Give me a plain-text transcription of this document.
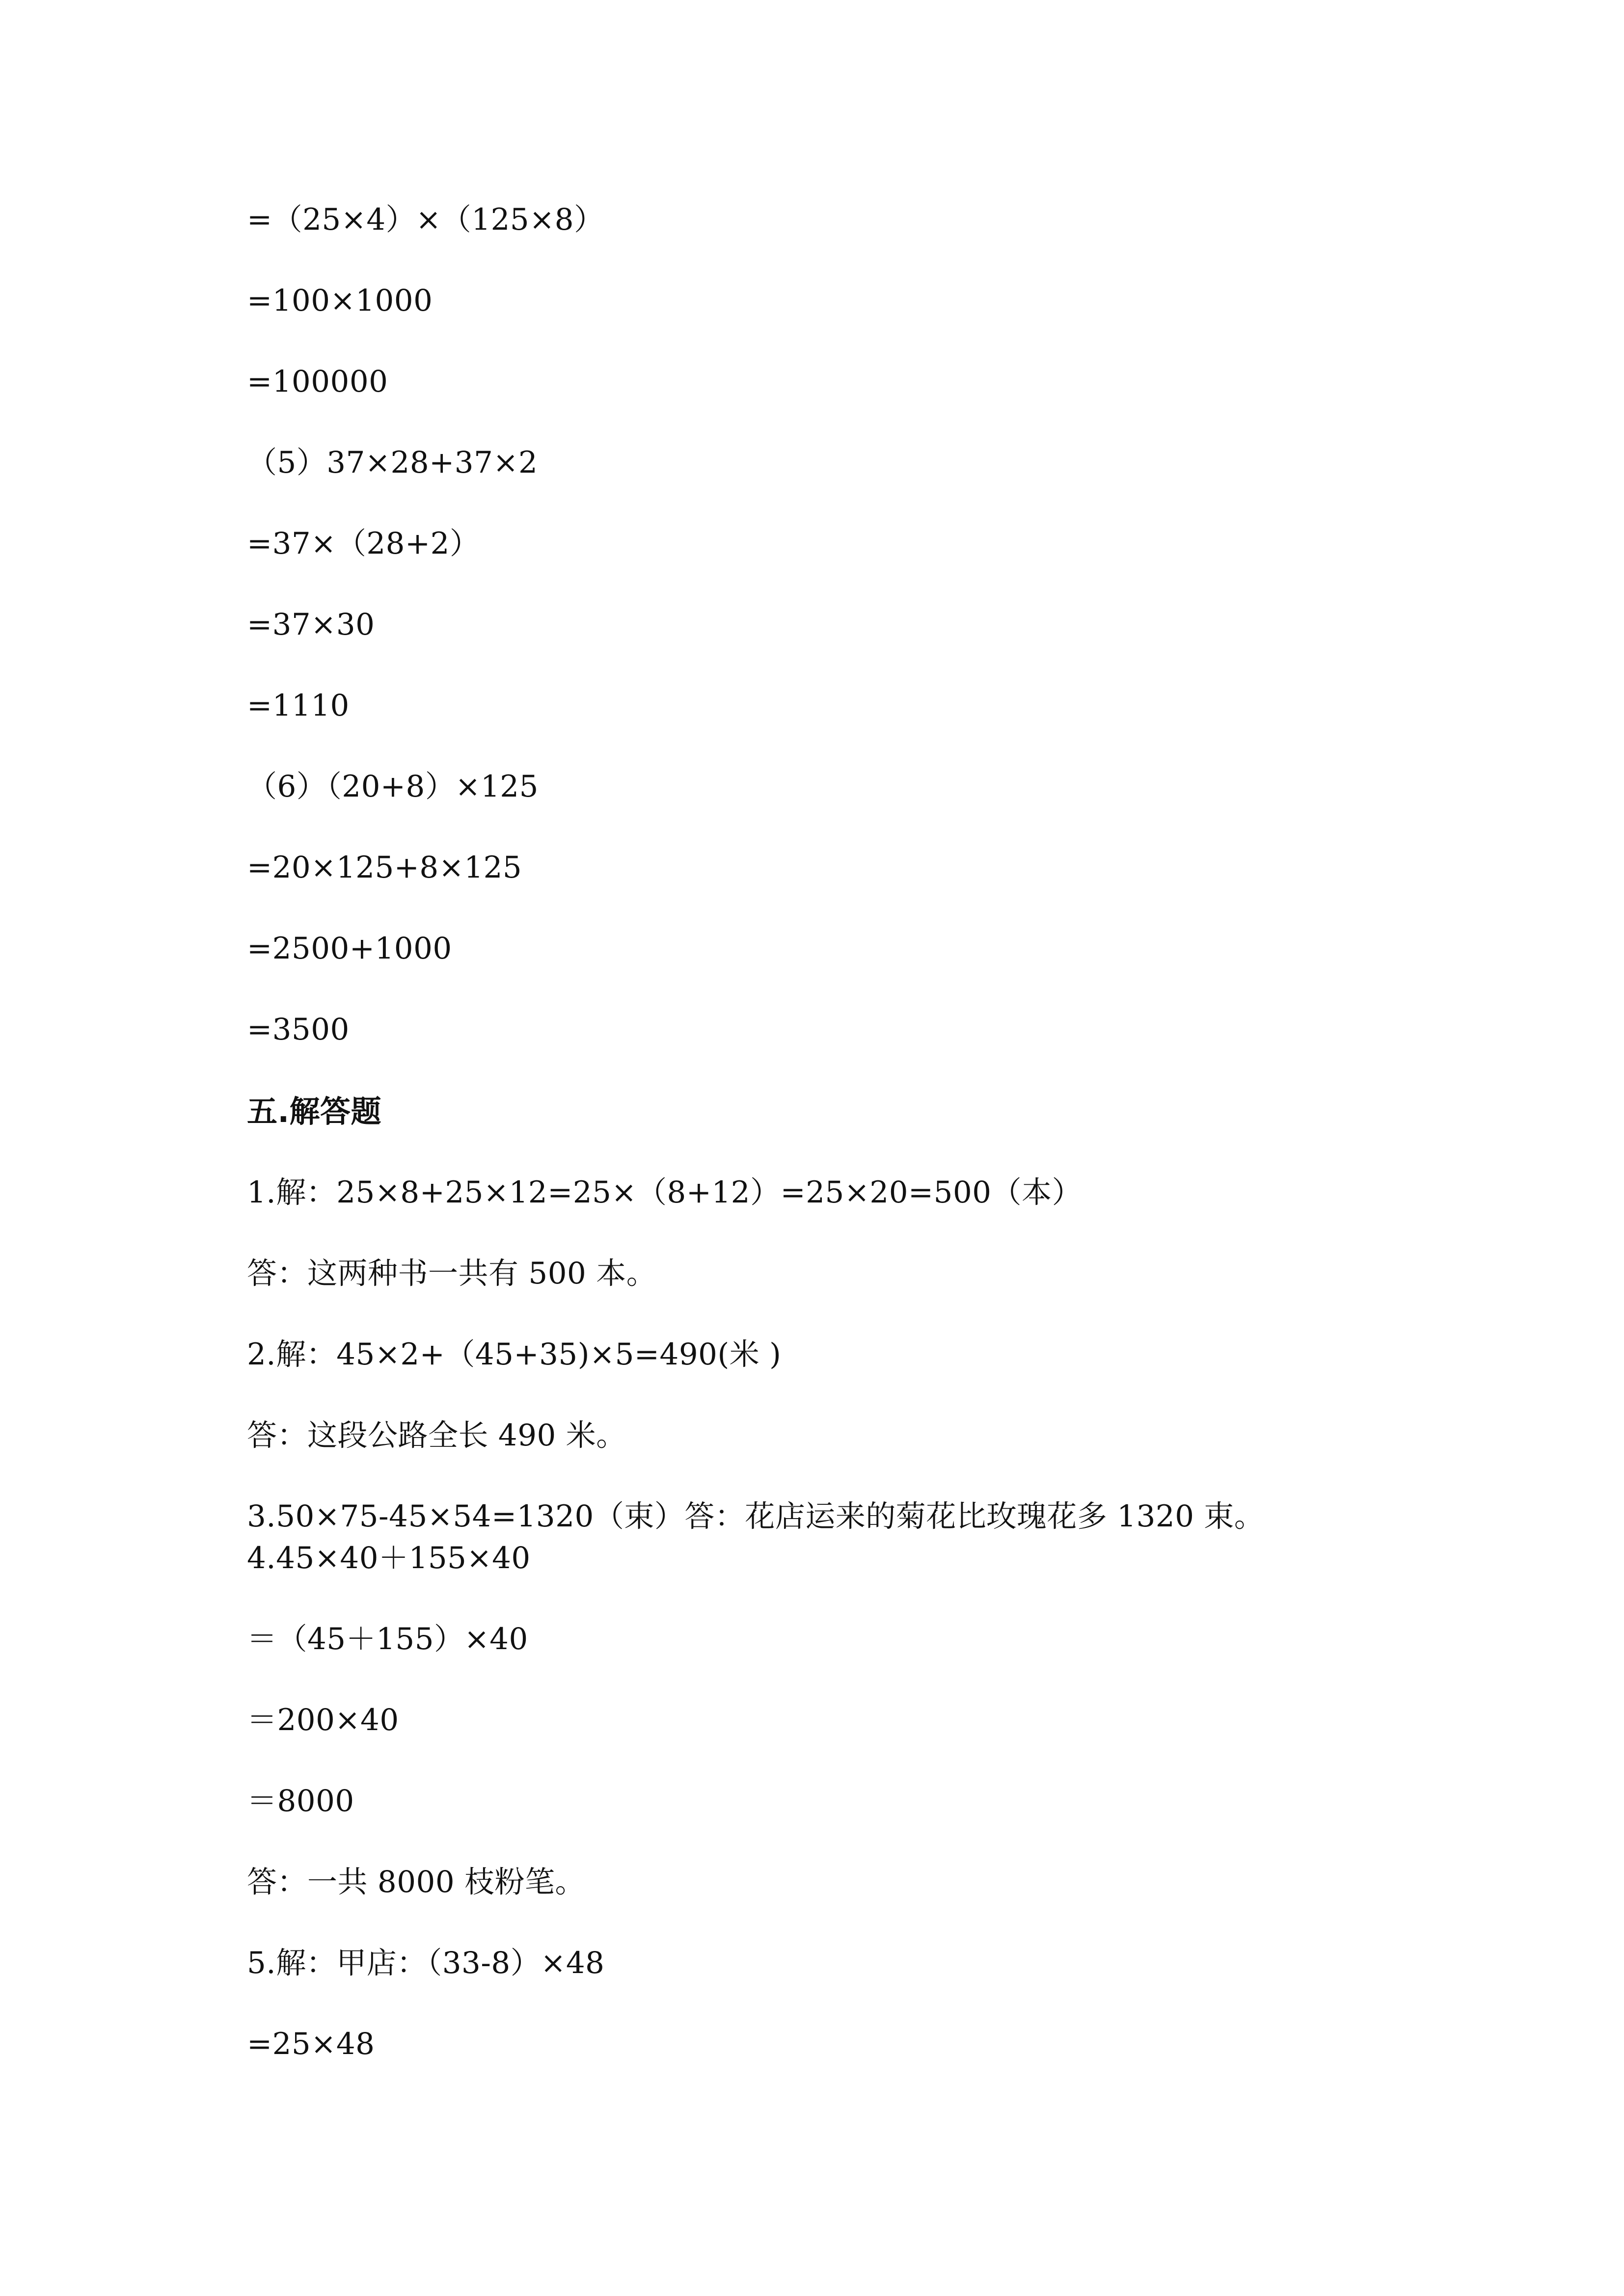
=（25×4）×（125×8）
=100×1000
=100000
（5）37×28+37×2
=37×（28+2）
=37×30
=1110
（6）（20+8）×125
=20×125+8×125
=2500+1000
=3500
五.解答题
1.解：25×8+25×12=25×（8+12）=25×20=500（本）
答：这两种书一共有 500 本。
2.解：45×2+（45+35)×5=490(米 )
答：这段公路全长 490 米。
3.50×75-45×54=1320（束）答：花店运来的菊花比玫瑰花多 1320 束。
4.45×40＋155×40
＝（45＋155）×40
＝200×40
＝8000
答：一共 8000 枝粉笔。
5.解：甲店：（33-8）×48
=25×48
